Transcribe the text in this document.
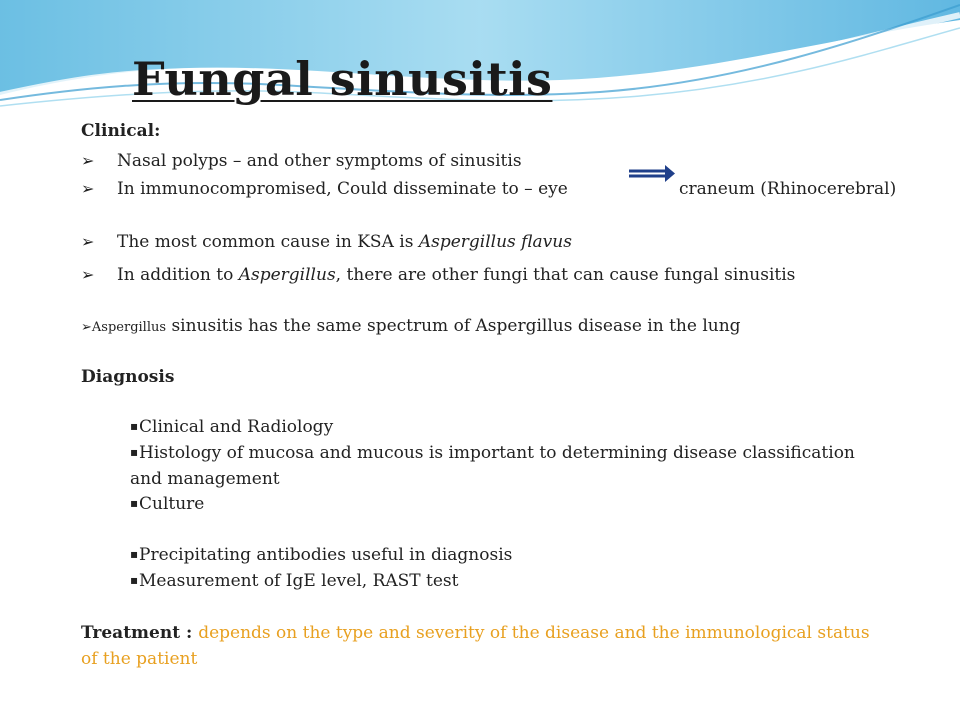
Fungal sinusitis
Clinical:
➢ Nasal polyps – and other symptoms of sinusitis
➢ In immunocompromised, Could disseminate to – eye	craneum (Rhinocerebral)
➢ The most common cause in KSA is Aspergillus flavus
➢ In addition to Aspergillus, there are other fungi that can cause fungal sinusitis
➢Aspergillus sinusitis has the same spectrum of Aspergillus disease in the lung
Diagnosis
▪Clinical and Radiology
▪Histology of mucosa and mucous is important to determining disease classification
and management
▪Culture
▪Precipitating antibodies useful in diagnosis
▪Measurement of IgE level, RAST test
Treatment : depends on the type and severity of the disease and the immunological status
of the patient
